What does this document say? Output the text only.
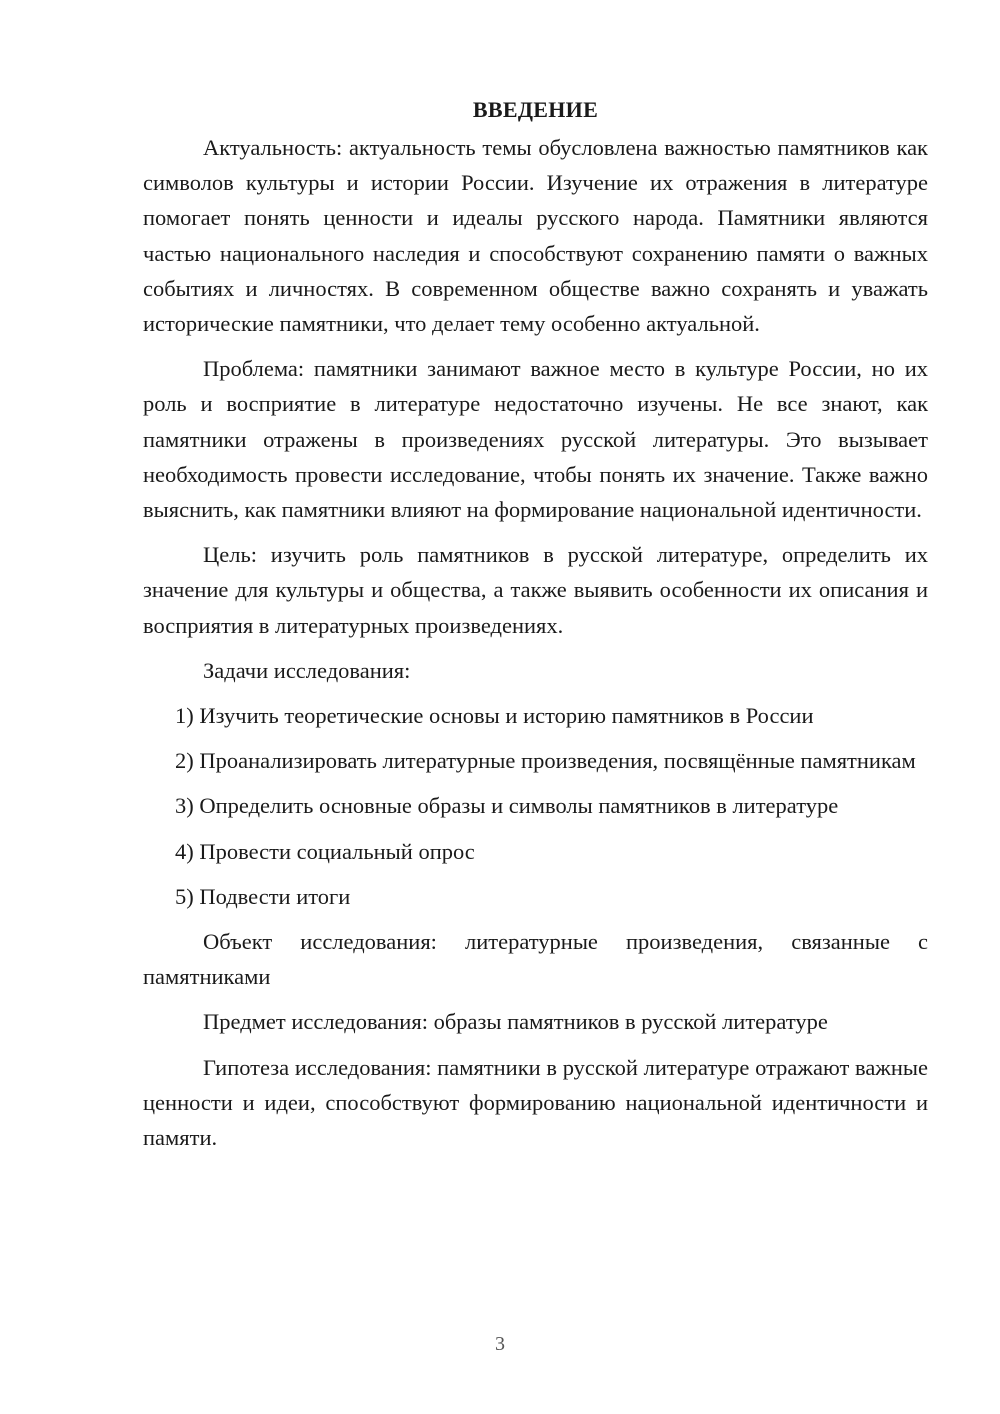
ВВЕДЕНИЕ

Актуальность: актуальность темы обусловлена важностью памятников как символов культуры и истории России. Изучение их отражения в литературе помогает понять ценности и идеалы русского народа. Памятники являются частью национального наследия и способствуют сохранению памяти о важных событиях и личностях. В современном обществе важно сохранять и уважать исторические памятники, что делает тему особенно актуальной.

Проблема: памятники занимают важное место в культуре России, но их роль и восприятие в литературе недостаточно изучены. Не все знают, как памятники отражены в произведениях русской литературы. Это вызывает необходимость провести исследование, чтобы понять их значение. Также важно выяснить, как памятники влияют на формирование национальной идентичности.

Цель: изучить роль памятников в русской литературе, определить их значение для культуры и общества, а также выявить особенности их описания и восприятия в литературных произведениях.

Задачи исследования:

1) Изучить теоретические основы и историю памятников в России

2) Проанализировать литературные произведения, посвящённые памятникам

3) Определить основные образы и символы памятников в литературе

4) Провести социальный опрос

5) Подвести итоги

Объект исследования: литературные произведения, связанные с памятниками

Предмет исследования: образы памятников в русской литературе

Гипотеза исследования: памятники в русской литературе отражают важные ценности и идеи, способствуют формированию национальной идентичности и памяти.

3
